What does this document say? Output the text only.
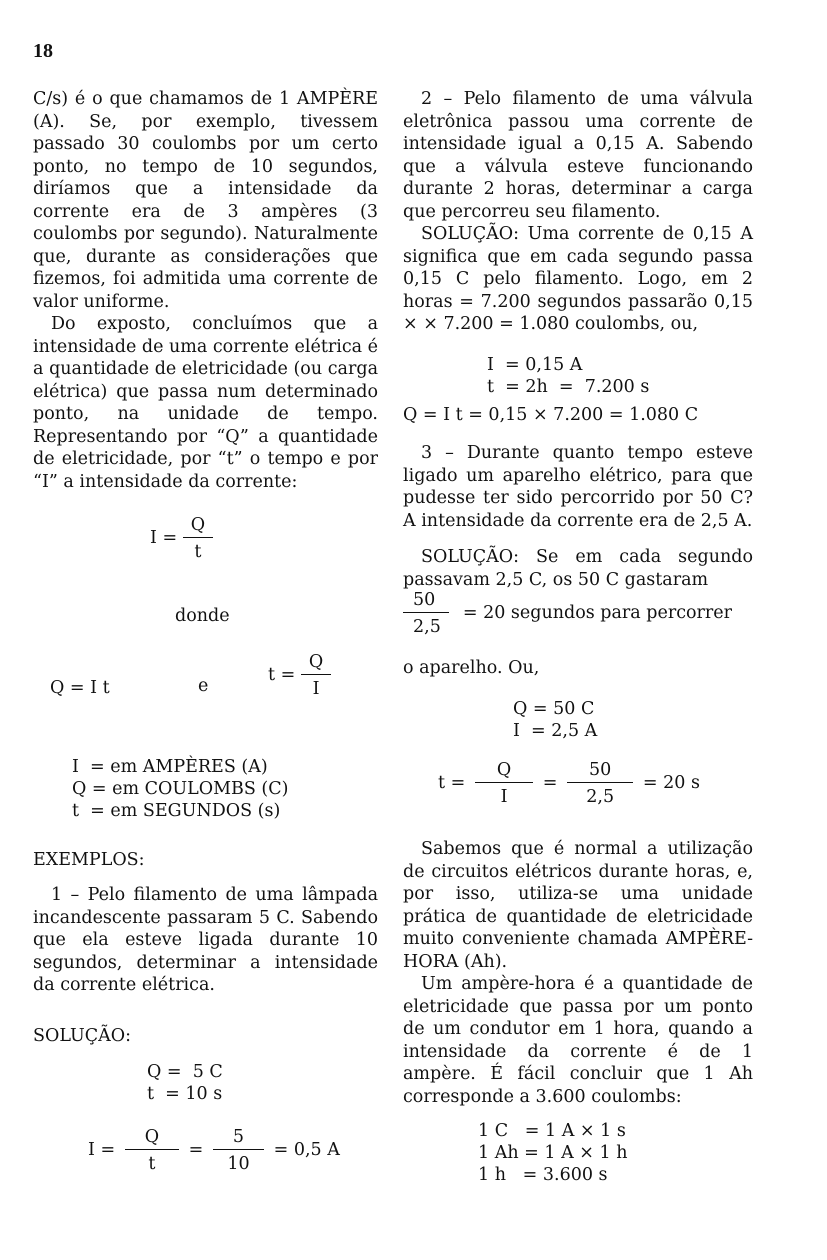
18

C/s) é o que chamamos de 1 AMPÈRE (A). Se, por exemplo, tivessem passado 30 coulombs por um certo ponto, no tempo de 10 segundos, diríamos que a intensidade da corrente era de 3 ampères (3 coulombs por segundo). Naturalmente que, durante as considerações que fizemos, foi admitida uma corrente de valor uniforme.

Do exposto, concluímos que a intensidade de uma corrente elétrica é a quantidade de eletricidade (ou carga elétrica) que passa num determinado ponto, na unidade de tempo. Representando por “Q” a quantidade de eletricidade, por “t” o tempo e por “I” a intensidade da corrente:

$I = \frac{Q}{t}$
donde
Q = I t	e
$t = \frac{Q}{I}$
I  = em AMPÈRES (A)
Q = em COULOMBS (C)
t  = em SEGUNDOS (s)
EXEMPLOS:

1 – Pelo filamento de uma lâmpada incandescente passaram 5 C. Sabendo que ela esteve ligada durante 10 segundos, determinar a intensidade da corrente elétrica.

SOLUÇÃO:
Q =  5 C
t  = 10 s
$I = \frac{Q}{t} = \frac{5}{10} = 0,5$ A

2 – Pelo filamento de uma válvula eletrônica passou uma corrente de intensidade igual a 0,15 A. Sabendo que a válvula esteve funcionando durante 2 horas, determinar a carga que percorreu seu filamento.

SOLUÇÃO: Uma corrente de 0,15 A significa que em cada segundo passa 0,15 C pelo filamento. Logo, em 2 horas = 7.200 segundos passarão 0,15 × × 7.200 = 1.080 coulombs, ou,

I  = 0,15 A
t  = 2h  =  7.200 s
Q = I t = 0,15 × 7.200 = 1.080 C

3 – Durante quanto tempo esteve ligado um aparelho elétrico, para que pudesse ter sido percorrido por 50 C? A intensidade da corrente era de 2,5 A.

SOLUÇÃO: Se em cada segundo passavam 2,5 C, os 50 C gastaram

$\frac{50}{2,5} = 20$ segundos para percorrer
o aparelho. Ou,
Q = 50 C
I  = 2,5 A
$t = \frac{Q}{I} = \frac{50}{2,5} = 20$ s

Sabemos que é normal a utilização de circuitos elétricos durante horas, e, por isso, utiliza-se uma unidade prática de quantidade de eletricidade muito conveniente chamada AMPÈRE-HORA (Ah).

Um ampère-hora é a quantidade de eletricidade que passa por um ponto de um condutor em 1 hora, quando a intensidade da corrente é de 1 ampère. É fácil concluir que 1 Ah corresponde a 3.600 coulombs:

1 C   = 1 A × 1 s
1 Ah = 1 A × 1 h
1 h   = 3.600 s
